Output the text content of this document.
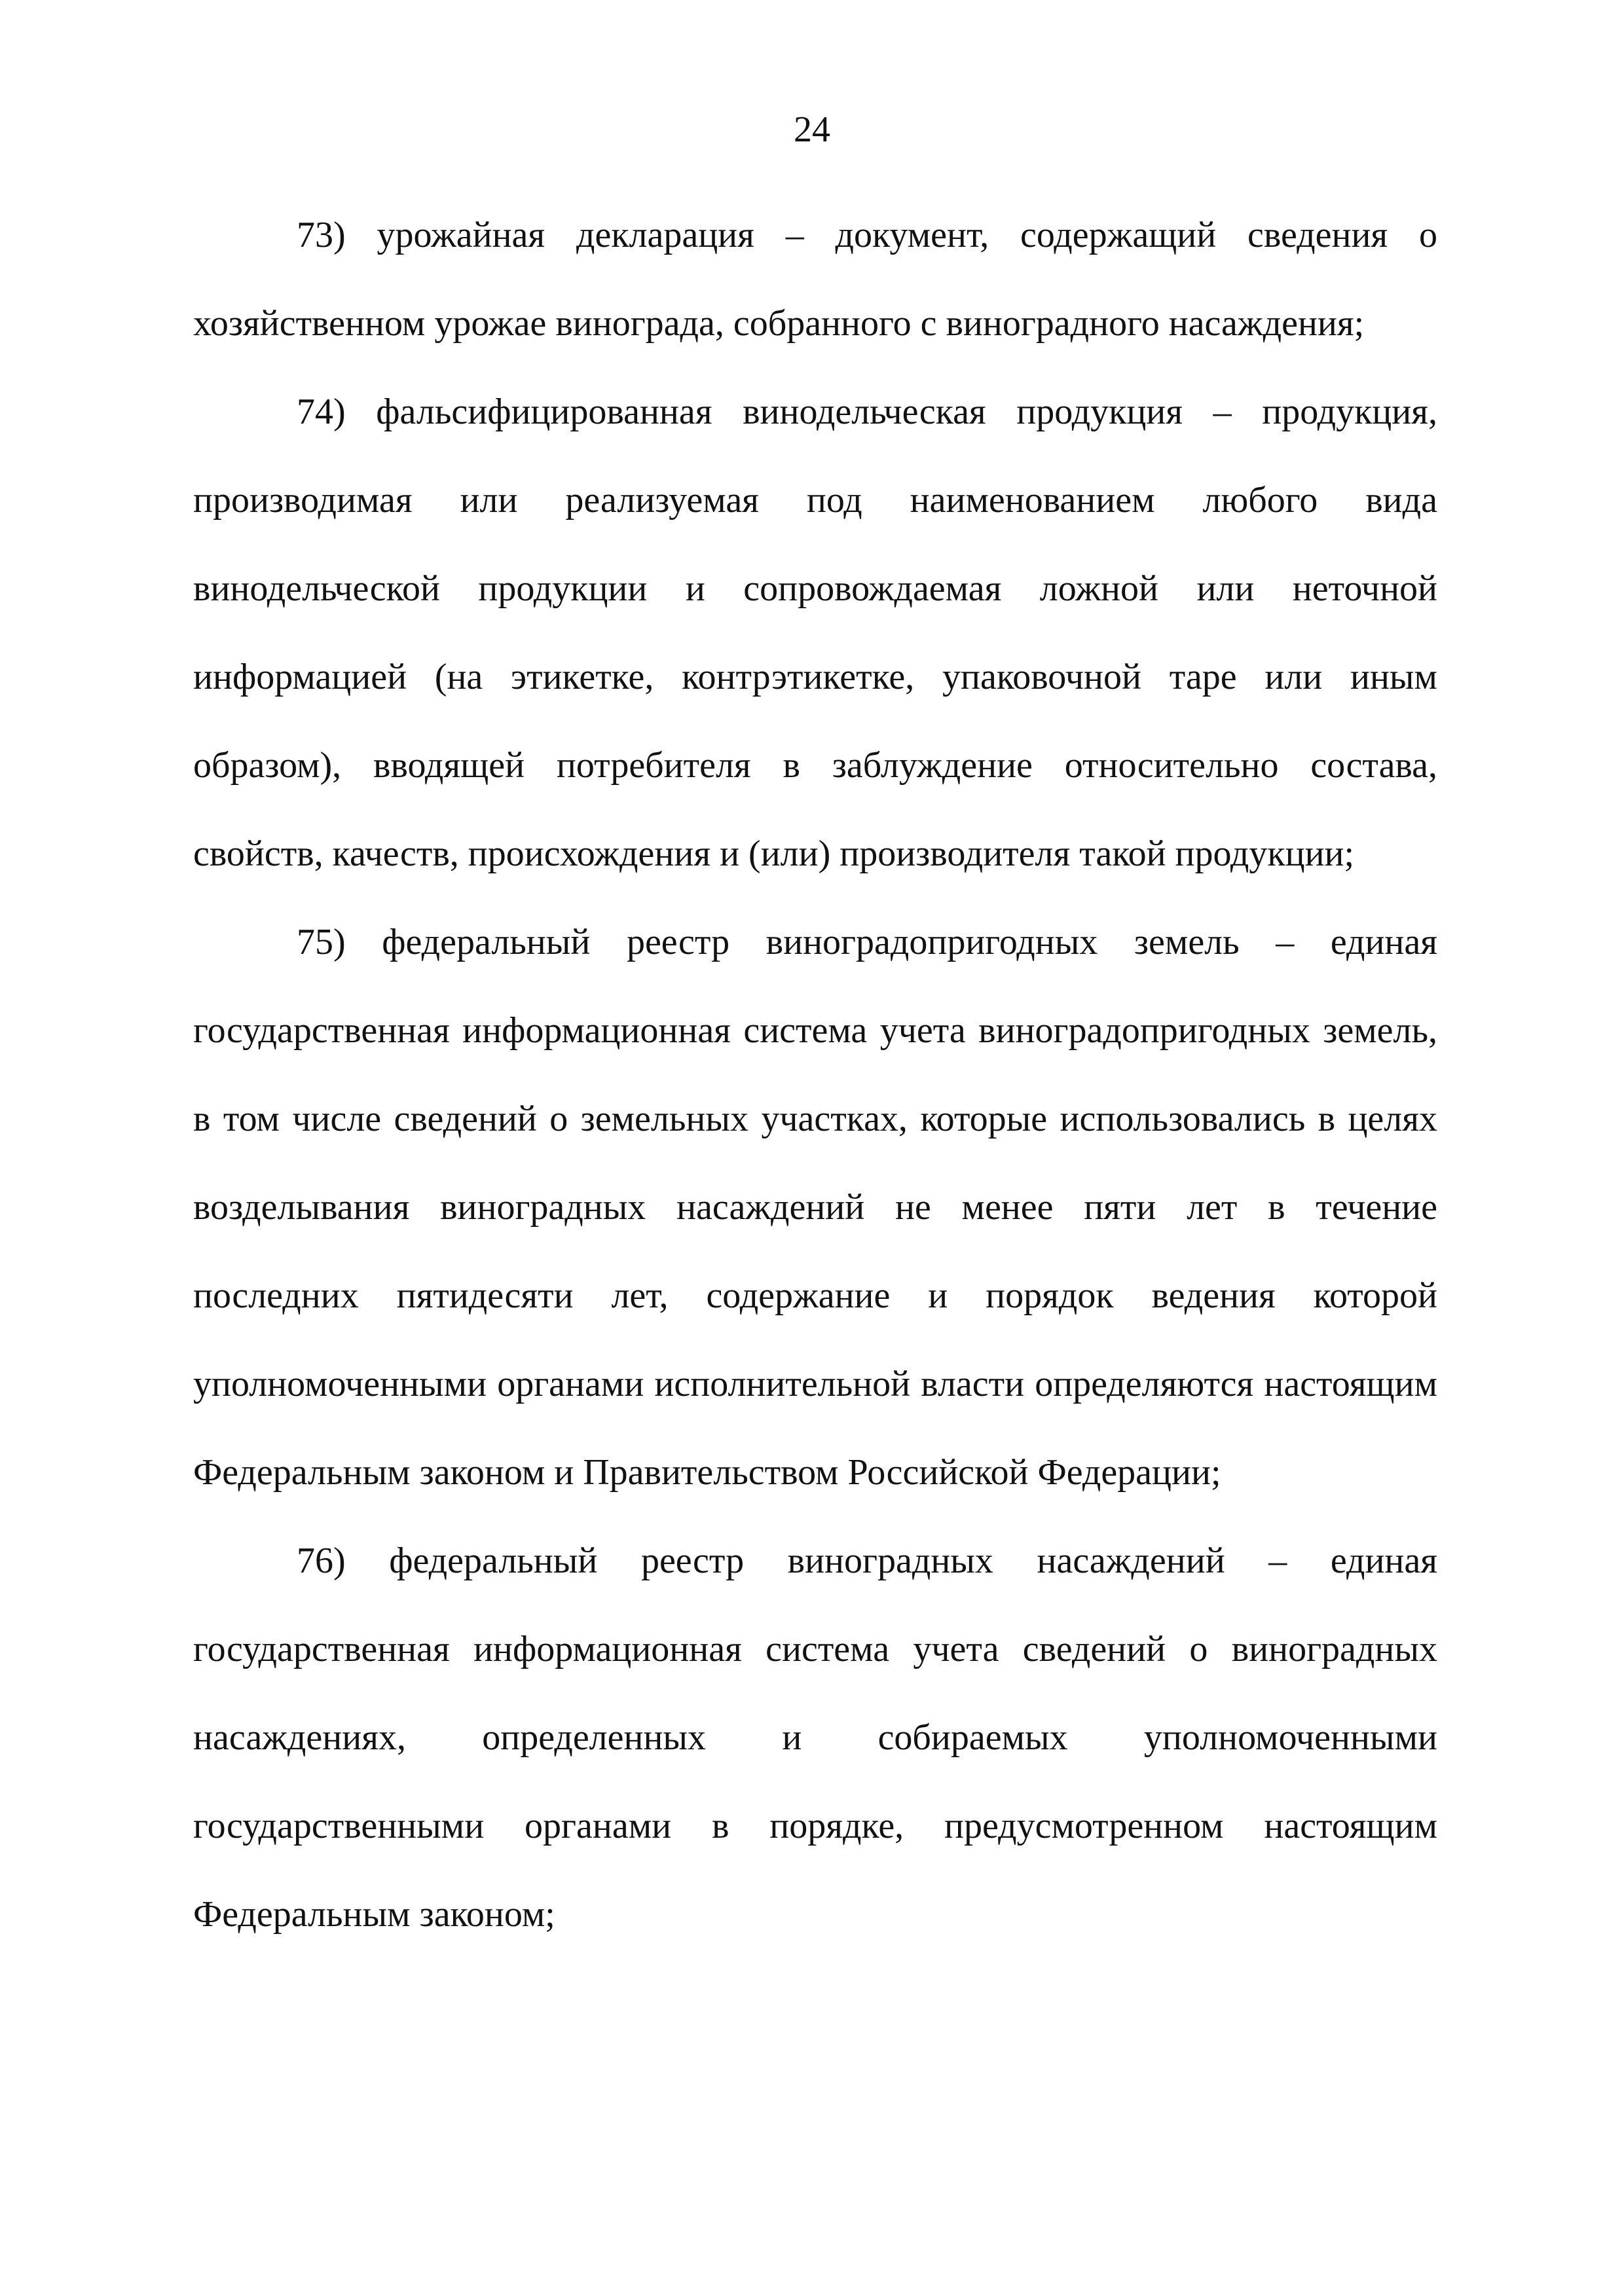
24

73) урожайная декларация – документ, содержащий сведения о хозяйственном урожае винограда, собранного с виноградного насаждения;

74) фальсифицированная винодельческая продукция – продукция, производимая или реализуемая под наименованием любого вида винодельческой продукции и сопровождаемая ложной или неточной информацией (на этикетке, контрэтикетке, упаковочной таре или иным образом), вводящей потребителя в заблуждение относительно состава, свойств, качеств, происхождения и (или) производителя такой продукции;

75) федеральный реестр виноградопригодных земель – единая государственная информационная система учета виноградопригодных земель, в том числе сведений о земельных участках, которые использовались в целях возделывания виноградных насаждений не менее пяти лет в течение последних пятидесяти лет, содержание и порядок ведения которой уполномоченными органами исполнительной власти определяются настоящим Федеральным законом и Правительством Российской Федерации;

76) федеральный реестр виноградных насаждений – единая государственная информационная система учета сведений о виноградных насаждениях, определенных и собираемых уполномоченными государственными органами в порядке, предусмотренном настоящим Федеральным законом;
